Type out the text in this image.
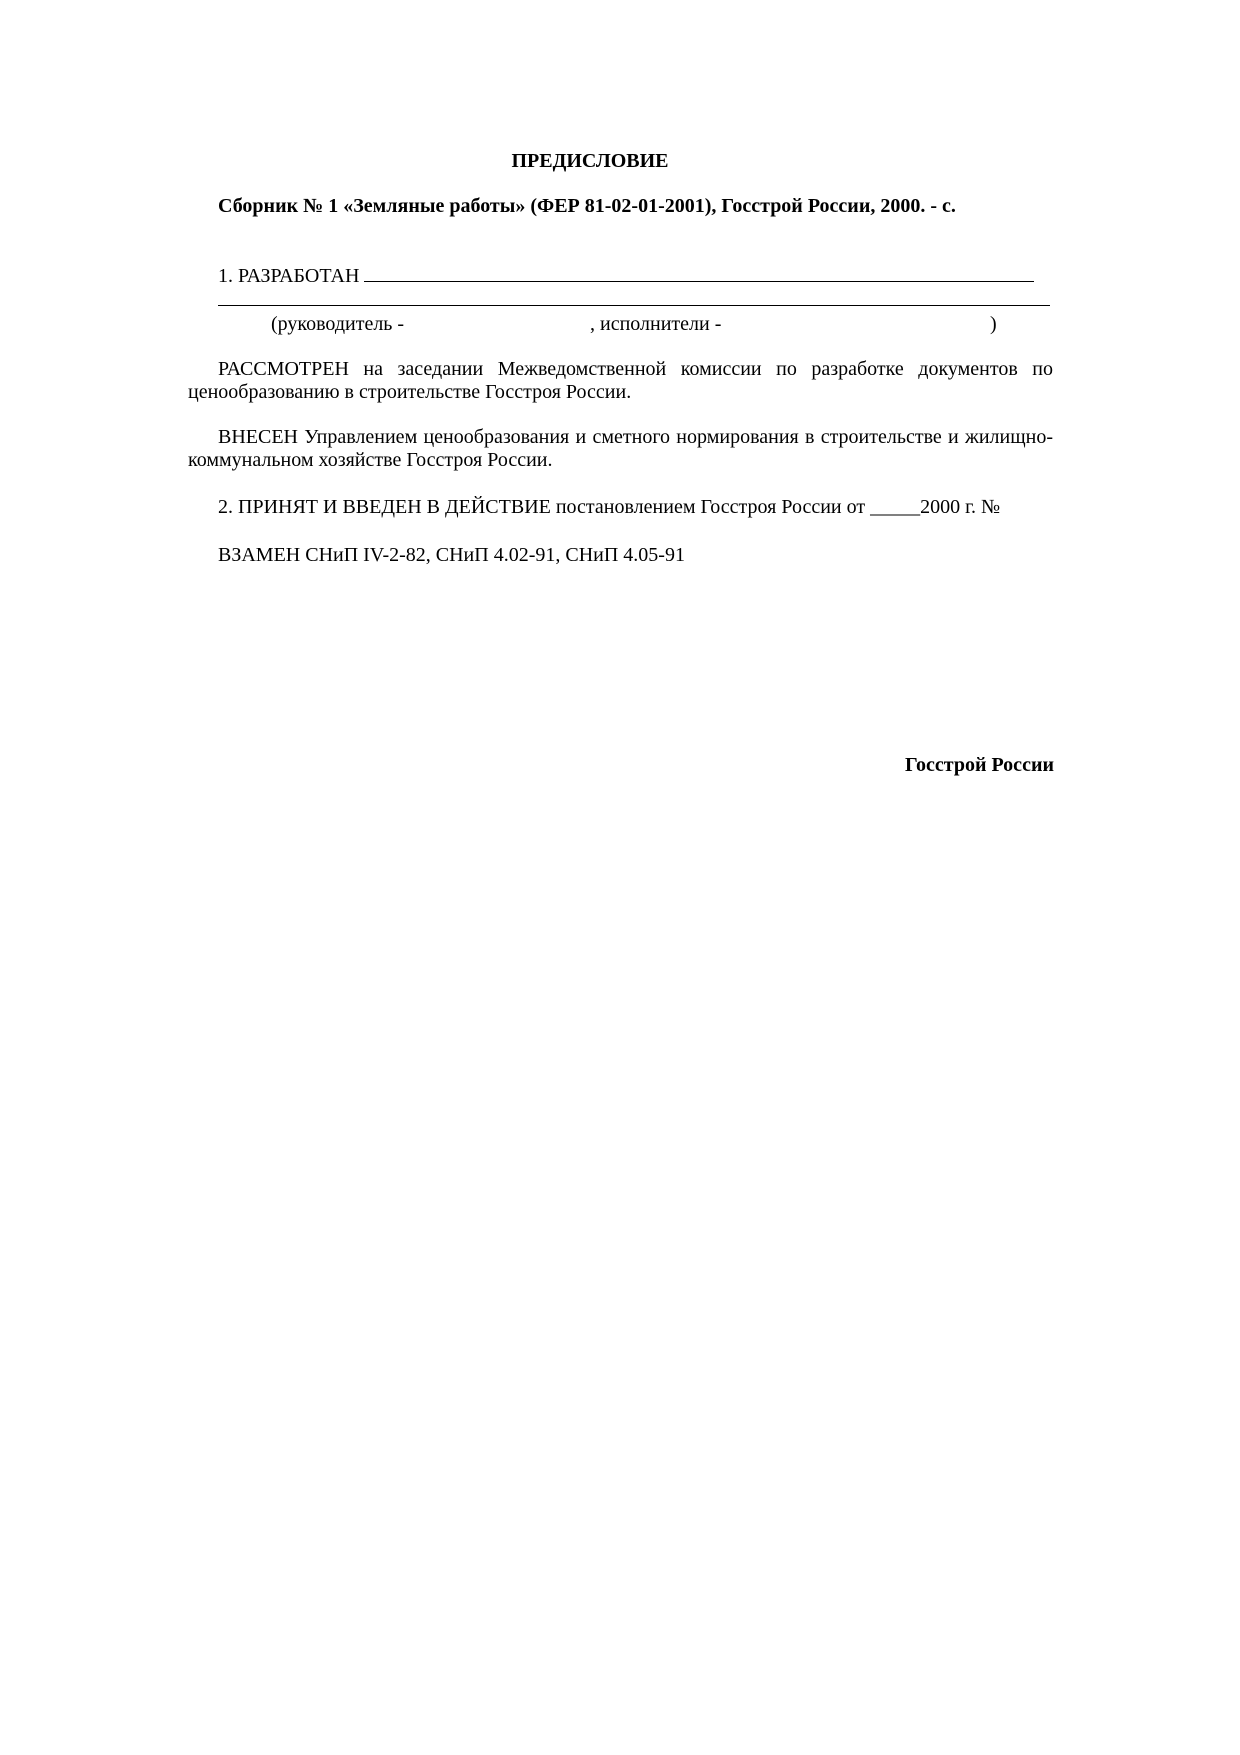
ПРЕДИСЛОВИЕ
Сборник № 1 «Земляные работы» (ФЕР 81-02-01-2001), Госстрой России, 2000. - с.
1. РАЗРАБОТАН
(руководитель -	, исполнители -	)
РАССМОТРЕН на заседании Межведомственной комиссии по разработке документов по ценообразованию в строительстве Госстроя России.
ВНЕСЕН Управлением ценообразования и сметного нормирования в строительстве и жилищно-коммунальном хозяйстве Госстроя России.
2. ПРИНЯТ И ВВЕДЕН В ДЕЙСТВИЕ постановлением Госстроя России от _____2000 г. №
ВЗАМЕН СНиП IV-2-82, СНиП 4.02-91, СНиП 4.05-91
Госстрой России
